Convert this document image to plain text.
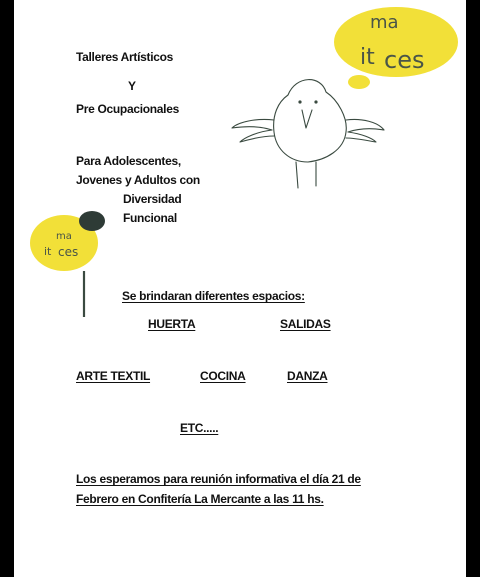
ma
it ces
ma
it ces
Talleres Artísticos
Y
Pre Ocupacionales
Para Adolescentes,
Jovenes y Adultos con
Diversidad
Funcional
Se brindaran diferentes espacios:
HUERTA	SALIDAS
ARTE TEXTIL	COCINA	DANZA
ETC.....
Los esperamos para reunión informativa el día 21 de
Febrero en Confitería La Mercante a las 11 hs.
